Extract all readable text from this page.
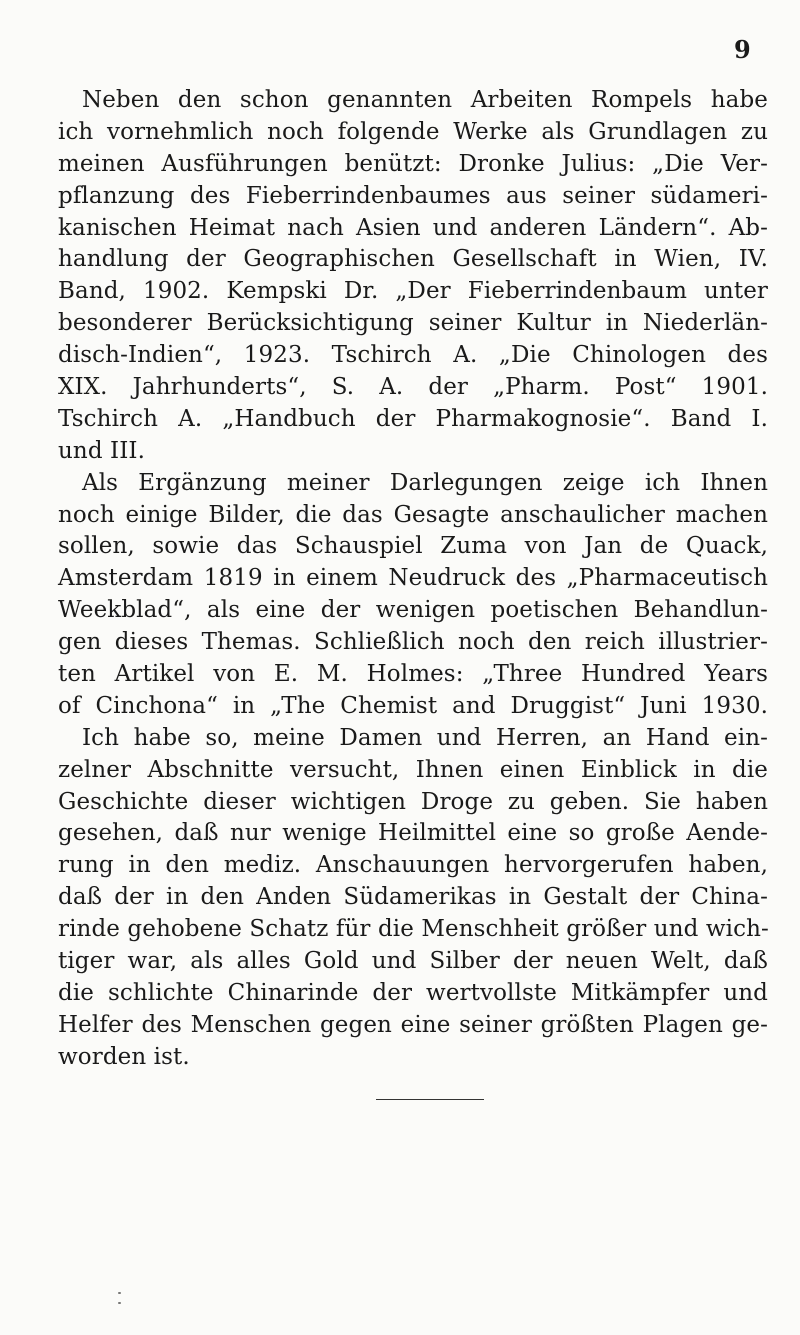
9
Neben den schon genannten Arbeiten Rompels habe
ich vornehmlich noch folgende Werke als Grundlagen zu
meinen Ausführungen benützt: Dronke Julius: „Die Ver-
pflanzung des Fieberrindenbaumes aus seiner südameri-
kanischen Heimat nach Asien und anderen Ländern“. Ab-
handlung der Geographischen Gesellschaft in Wien, IV.
Band, 1902. Kempski Dr. „Der Fieberrindenbaum unter
besonderer Berücksichtigung seiner Kultur in Niederlän-
disch-Indien“, 1923. Tschirch A. „Die Chinologen des
XIX. Jahrhunderts“, S. A. der „Pharm. Post“ 1901.
Tschirch A. „Handbuch der Pharmakognosie“. Band I.
und III.
Als Ergänzung meiner Darlegungen zeige ich Ihnen
noch einige Bilder, die das Gesagte anschaulicher machen
sollen, sowie das Schauspiel Zuma von Jan de Quack,
Amsterdam 1819 in einem Neudruck des „Pharmaceutisch
Weekblad“, als eine der wenigen poetischen Behandlun-
gen dieses Themas. Schließlich noch den reich illustrier-
ten Artikel von E. M. Holmes: „Three Hundred Years
of Cinchona“ in „The Chemist and Druggist“ Juni 1930.
Ich habe so, meine Damen und Herren, an Hand ein-
zelner Abschnitte versucht, Ihnen einen Einblick in die
Geschichte dieser wichtigen Droge zu geben. Sie haben
gesehen, daß nur wenige Heilmittel eine so große Aende-
rung in den mediz. Anschauungen hervorgerufen haben,
daß der in den Anden Südamerikas in Gestalt der China-
rinde gehobene Schatz für die Menschheit größer und wich-
tiger war, als alles Gold und Silber der neuen Welt, daß
die schlichte Chinarinde der wertvollste Mitkämpfer und
Helfer des Menschen gegen eine seiner größten Plagen ge-
worden ist.
